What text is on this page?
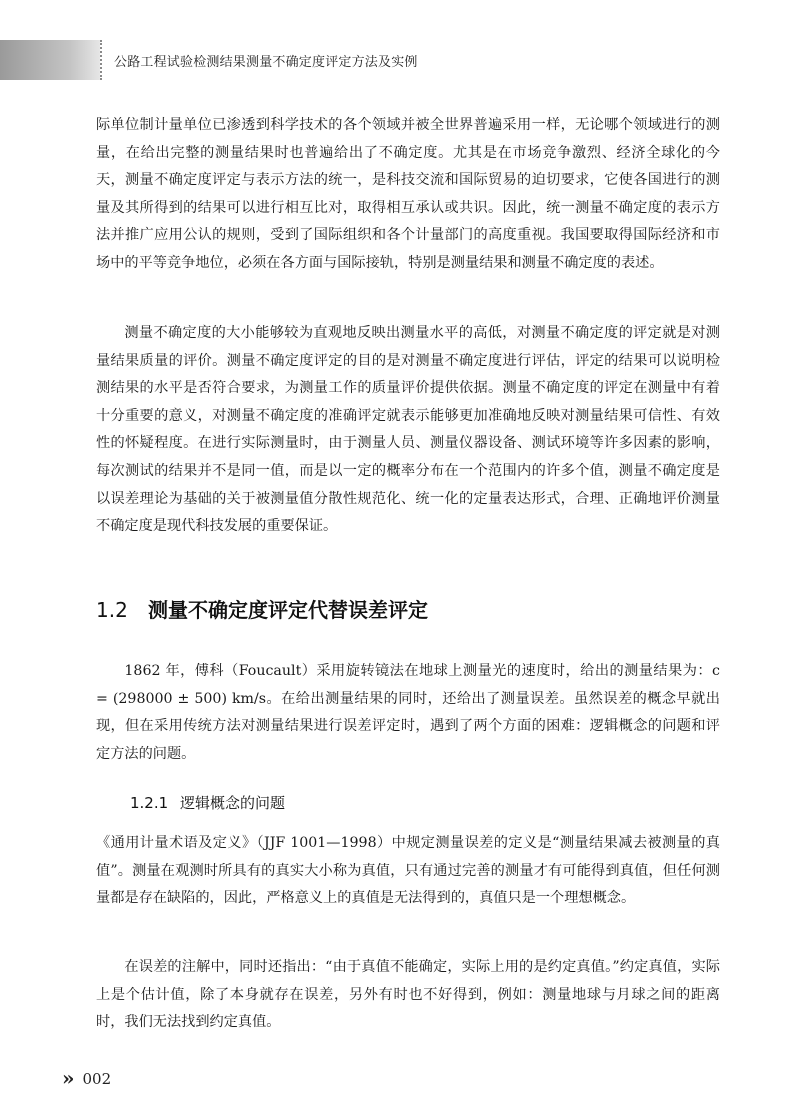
公路工程试验检测结果测量不确定度评定方法及实例

际单位制计量单位已渗透到科学技术的各个领域并被全世界普遍采用一样，无论哪个领域进行的测量，在给出完整的测量结果时也普遍给出了不确定度。尤其是在市场竞争激烈、经济全球化的今天，测量不确定度评定与表示方法的统一，是科技交流和国际贸易的迫切要求，它使各国进行的测量及其所得到的结果可以进行相互比对，取得相互承认或共识。因此，统一测量不确定度的表示方法并推广应用公认的规则，受到了国际组织和各个计量部门的高度重视。我国要取得国际经济和市场中的平等竞争地位，必须在各方面与国际接轨，特别是测量结果和测量不确定度的表述。

测量不确定度的大小能够较为直观地反映出测量水平的高低，对测量不确定度的评定就是对测量结果质量的评价。测量不确定度评定的目的是对测量不确定度进行评估，评定的结果可以说明检测结果的水平是否符合要求，为测量工作的质量评价提供依据。测量不确定度的评定在测量中有着十分重要的意义，对测量不确定度的准确评定就表示能够更加准确地反映对测量结果可信性、有效性的怀疑程度。在进行实际测量时，由于测量人员、测量仪器设备、测试环境等许多因素的影响，每次测试的结果并不是同一值，而是以一定的概率分布在一个范围内的许多个值，测量不确定度是以误差理论为基础的关于被测量值分散性规范化、统一化的定量表达形式，合理、正确地评价测量不确定度是现代科技发展的重要保证。

1.2 测量不确定度评定代替误差评定

1862 年，傅科（Foucault）采用旋转镜法在地球上测量光的速度时，给出的测量结果为：c = (298000 ± 500) km/s。在给出测量结果的同时，还给出了测量误差。虽然误差的概念早就出现，但在采用传统方法对测量结果进行误差评定时，遇到了两个方面的困难：逻辑概念的问题和评定方法的问题。

1.2.1 逻辑概念的问题

《通用计量术语及定义》（JJF 1001—1998）中规定测量误差的定义是“测量结果减去被测量的真值”。测量在观测时所具有的真实大小称为真值，只有通过完善的测量才有可能得到真值，但任何测量都是存在缺陷的，因此，严格意义上的真值是无法得到的，真值只是一个理想概念。

在误差的注解中，同时还指出：“由于真值不能确定，实际上用的是约定真值。”约定真值，实际上是个估计值，除了本身就存在误差，另外有时也不好得到，例如：测量地球与月球之间的距离时，我们无法找到约定真值。

» 002
